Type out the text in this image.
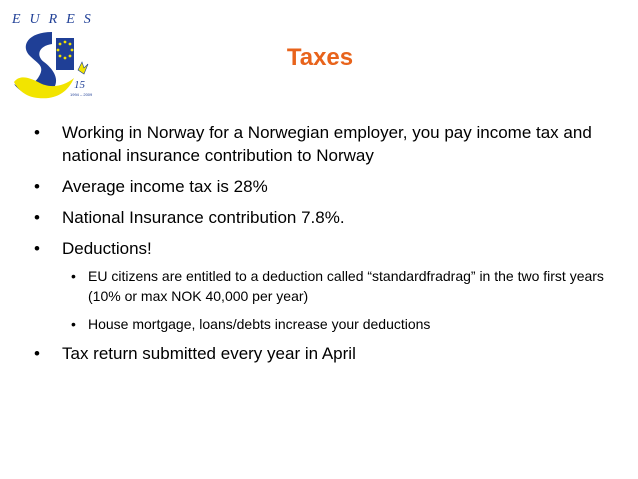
EURES
15
1994 – 2009
Taxes
• Working in Norway for a Norwegian employer, you pay income tax and national insurance contribution to Norway
• Average income tax is 28%
• National Insurance contribution 7.8%.
• Deductions!
• EU citizens are entitled to a deduction called “standardfradrag” in the two first years (10% or max NOK 40,000 per year)
• House mortgage, loans/debts increase your deductions
• Tax return submitted every year in April
